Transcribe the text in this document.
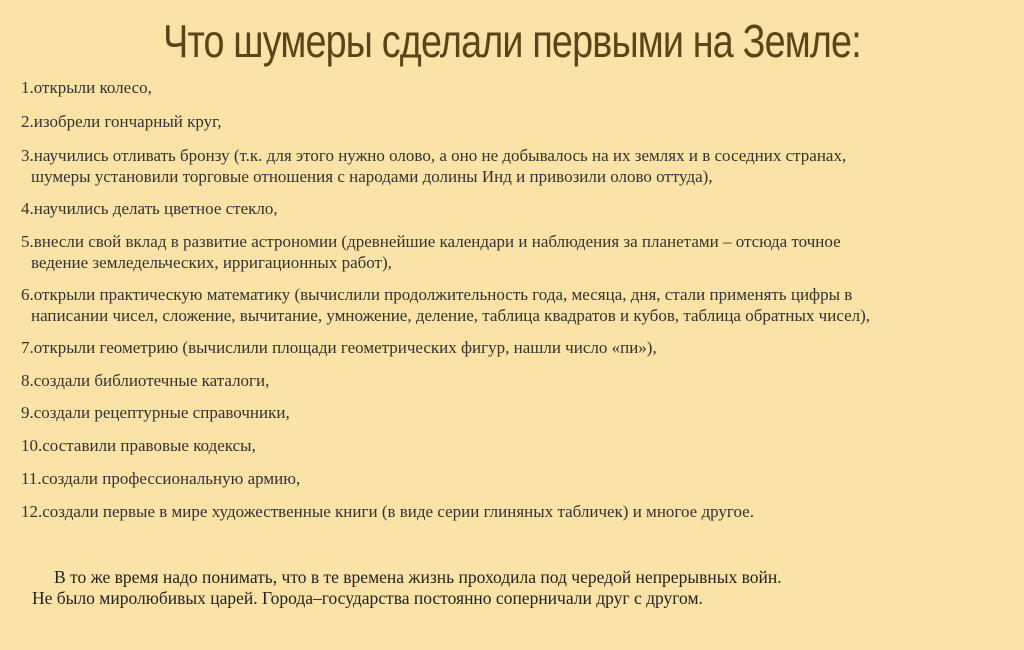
Что шумеры сделали первыми на Земле:
1.открыли колесо,
2.изобрели гончарный круг,
3.научились отливать бронзу (т.к. для этого нужно олово, а оно не добывалось на их землях и в соседних странах,
шумеры установили торговые отношения с народами долины Инд и привозили олово оттуда),
4.научились делать цветное стекло,
5.внесли свой вклад в развитие астрономии (древнейшие календари и наблюдения за планетами – отсюда точное
ведение земледельческих, ирригационных работ),
6.открыли практическую математику (вычислили продолжительность года, месяца, дня, стали применять цифры в
написании чисел, сложение, вычитание, умножение, деление, таблица квадратов и кубов, таблица обратных чисел),
7.открыли геометрию (вычислили площади геометрических фигур, нашли число «пи»),
8.создали библиотечные каталоги,
9.создали рецептурные справочники,
10.составили правовые кодексы,
11.создали профессиональную армию,
12.создали первые в мире художественные книги (в виде серии глиняных табличек) и многое другое.
В то же время надо понимать, что в те времена жизнь проходила под чередой непрерывных войн.
Не было миролюбивых царей. Города–государства постоянно соперничали друг с другом.
